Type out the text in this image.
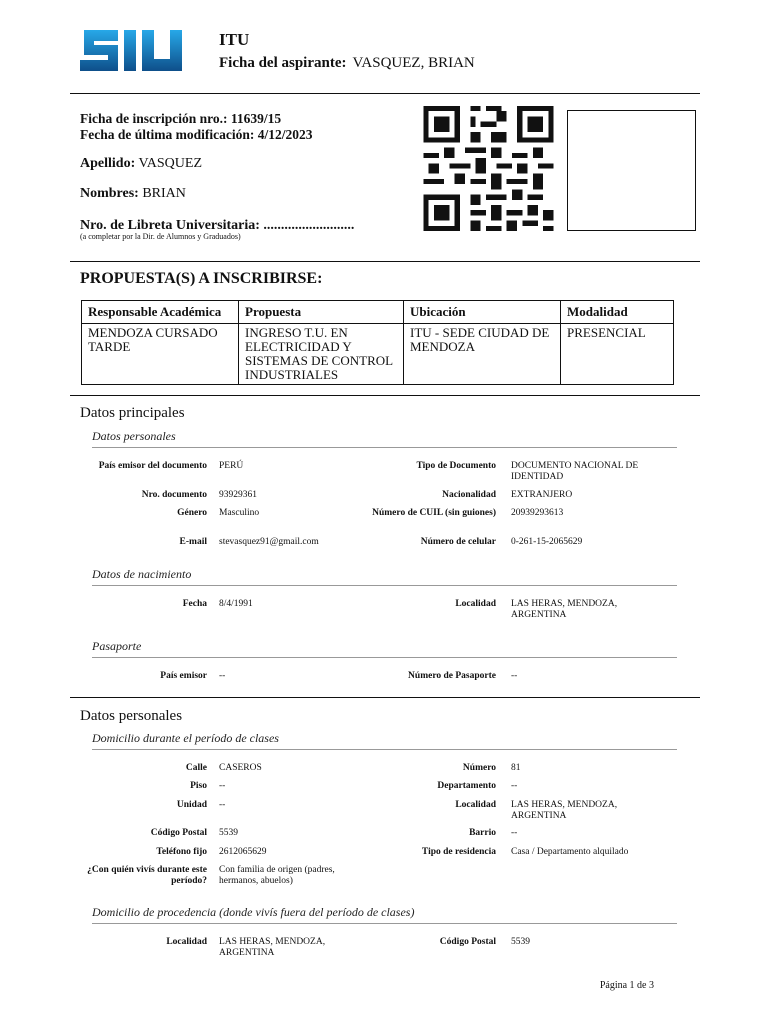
ITU
Ficha del aspirante: VASQUEZ, BRIAN
Ficha de inscripción nro.: 11639/15
Fecha de última modificación: 4/12/2023
Apellido: VASQUEZ
Nombres: BRIAN
Nro. de Libreta Universitaria: ..........................
(a completar por la Dir. de Alumnos y Graduados)
PROPUESTA(S) A INSCRIBIRSE:
Responsable Académica	Propuesta	Ubicación	Modalidad
MENDOZA CURSADO TARDE	INGRESO T.U. EN ELECTRICIDAD Y SISTEMAS DE CONTROL INDUSTRIALES	ITU - SEDE CIUDAD DE MENDOZA	PRESENCIAL
Datos principales
Datos personales
País emisor del documento PERÚ	Tipo de Documento DOCUMENTO NACIONAL DE IDENTIDAD
Nro. documento 93929361	Nacionalidad EXTRANJERO
Género Masculino	Número de CUIL (sin guiones) 20939293613
E-mail stevasquez91@gmail.com	Número de celular 0-261-15-2065629
Datos de nacimiento
Fecha 8/4/1991	Localidad LAS HERAS, MENDOZA, ARGENTINA
Pasaporte
País emisor --	Número de Pasaporte --
Datos personales
Domicilio durante el período de clases
Calle CASEROS	Número 81
Piso --	Departamento --
Unidad --	Localidad LAS HERAS, MENDOZA, ARGENTINA
Código Postal 5539	Barrio --
Teléfono fijo 2612065629	Tipo de residencia Casa / Departamento alquilado
¿Con quién vivís durante este período?
Con familia de origen (padres, hermanos, abuelos)
Domicilio de procedencia (donde vivís fuera del período de clases)
Localidad LAS HERAS, MENDOZA, ARGENTINA
Código Postal 5539
Página 1 de 3
